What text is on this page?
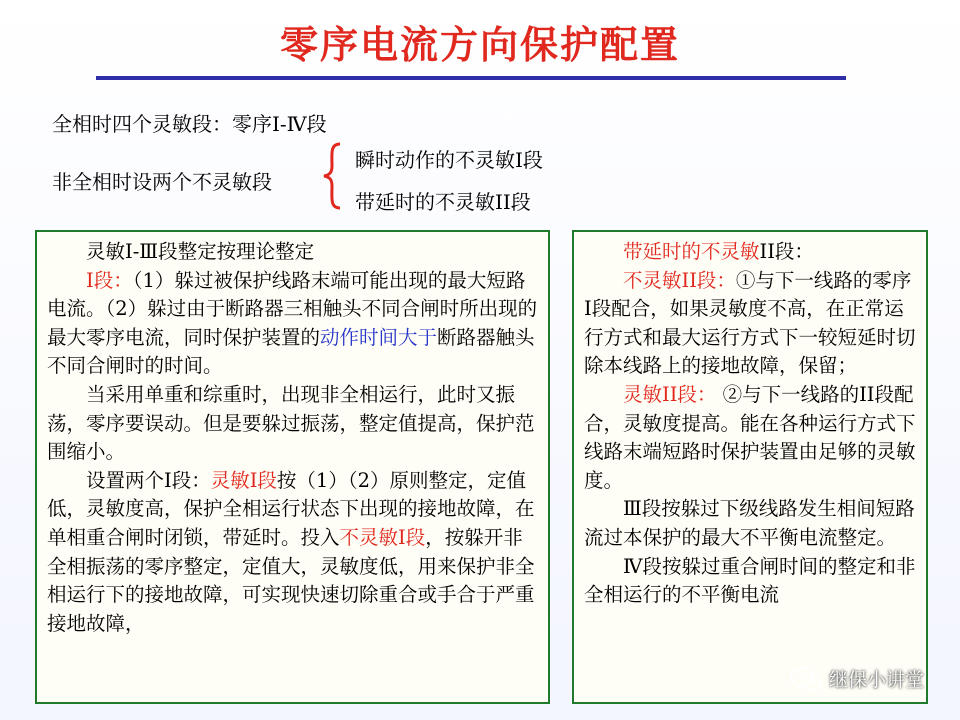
零序电流方向保护配置
全相时四个灵敏段：零序Ⅰ-Ⅳ段
非全相时设两个不灵敏段
瞬时动作的不灵敏I段
带延时的不灵敏II段

灵敏Ⅰ-Ⅲ段整定按理论整定

Ⅰ段：（1）躲过被保护线路末端可能出现的最大短路电流。（2）躲过由于断路器三相触头不同合闸时所出现的最大零序电流，同时保护装置的动作时间大于断路器触头不同合闸时的时间。

当采用单重和综重时，出现非全相运行，此时又振荡，零序要误动。但是要躲过振荡，整定值提高，保护范围缩小。

设置两个Ⅰ段：灵敏Ⅰ段按（1）（2）原则整定，定值低，灵敏度高，保护全相运行状态下出现的接地故障，在单相重合闸时闭锁，带延时。投入不灵敏Ⅰ段，按躲开非全相振荡的零序整定，定值大，灵敏度低，用来保护非全相运行下的接地故障，可实现快速切除重合或手合于严重接地故障，

带延时的不灵敏II段：

不灵敏II段：①与下一线路的零序Ⅰ段配合，如果灵敏度不高，在正常运行方式和最大运行方式下一较短延时切除本线路上的接地故障，保留；

灵敏II段： ②与下一线路的II段配合，灵敏度提高。能在各种运行方式下线路末端短路时保护装置由足够的灵敏度。

Ⅲ段按躲过下级线路发生相间短路流过本保护的最大不平衡电流整定。

Ⅳ段按躲过重合闸时间的整定和非全相运行的不平衡电流

继保小讲堂
